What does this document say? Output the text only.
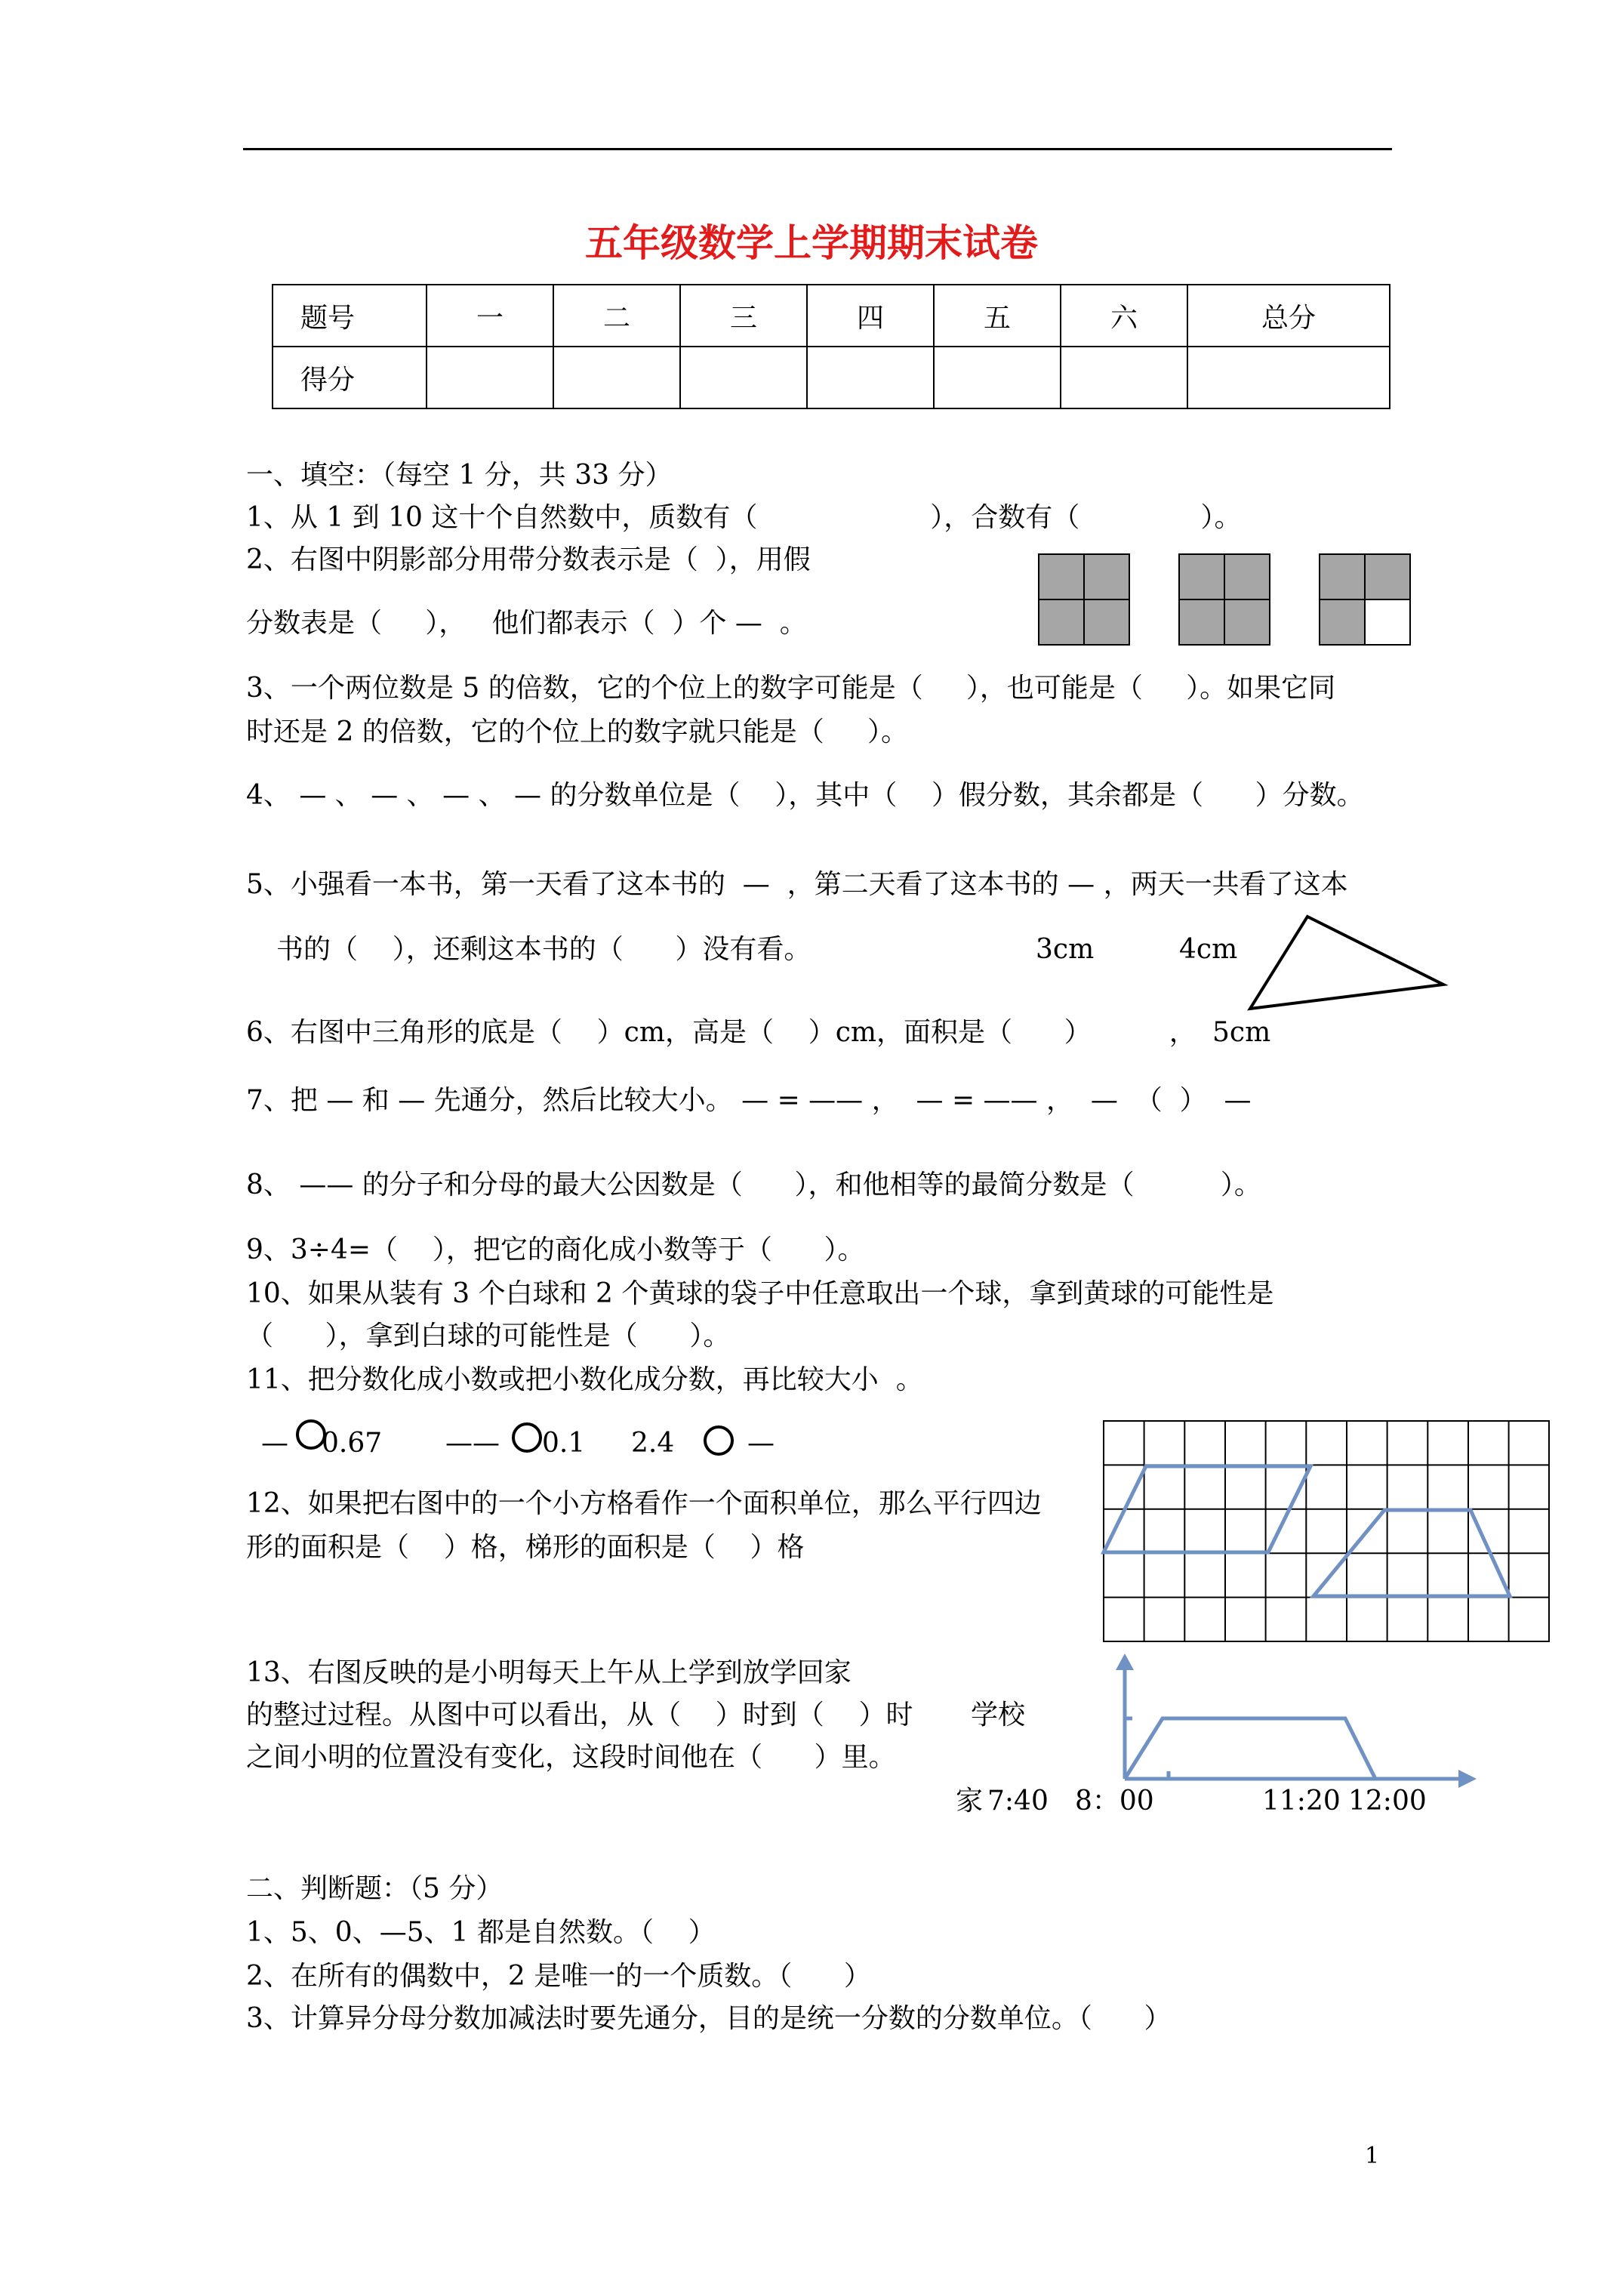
五年级数学上学期期末试卷
题号	一	二	三	四	五	六	总分
得分							
一、填空：（每空 1 分，共 33 分）
1、从 1 到 10 这十个自然数中，质数有（                    ），合数有（              ）。
2、右图中阴影部分用带分数表示是（  ），用假
分数表是（     ），   他们都表示（  ）个 —  。
3、一个两位数是 5 的倍数，它的个位上的数字可能是（     ），也可能是（     ）。如果它同
时还是 2 的倍数，它的个位上的数字就只能是（     ）。
4、 — 、 — 、 — 、 — 的分数单位是（    ），其中（    ）假分数，其余都是（      ）分数。
5、小强看一本书，第一天看了这本书的  —  ，第二天看了这本书的 — ，两天一共看了这本
书的（    ），还剩这本书的（      ）没有看。	3cm	4cm
6、右图中三角形的底是（    ）cm，高是（    ）cm，面积是（      ）         ， 5cm
7、把 — 和 — 先通分，然后比较大小。 — = —— ，  — = —— ，  —  （  ）  —
8、 —— 的分子和分母的最大公因数是（      ），和他相等的最简分数是（          ）。
9、3÷4=（    ），把它的商化成小数等于（      ）。
10、如果从装有 3 个白球和 2 个黄球的袋子中任意取出一个球，拿到黄球的可能性是
（      ），拿到白球的可能性是（      ）。
11、把分数化成小数或把小数化成分数，再比较大小  。
— 0.67 —— 0.1 2.4	—
12、如果把右图中的一个小方格看作一个面积单位，那么平行四边
形的面积是（    ）格，梯形的面积是（    ）格
13、右图反映的是小明每天上午从上学到放学回家
的整过过程。从图中可以看出，从（    ）时到（    ）时
之间小明的位置没有变化，这段时间他在（      ）里。
学校
家 7:40 8：00	11:20 12:00
二、判断题：（5 分）
1、5、0、—5、1 都是自然数。（    ）
2、在所有的偶数中，2 是唯一的一个质数。（      ）
3、计算异分母分数加减法时要先通分，目的是统一分数的分数单位。（      ）
1
